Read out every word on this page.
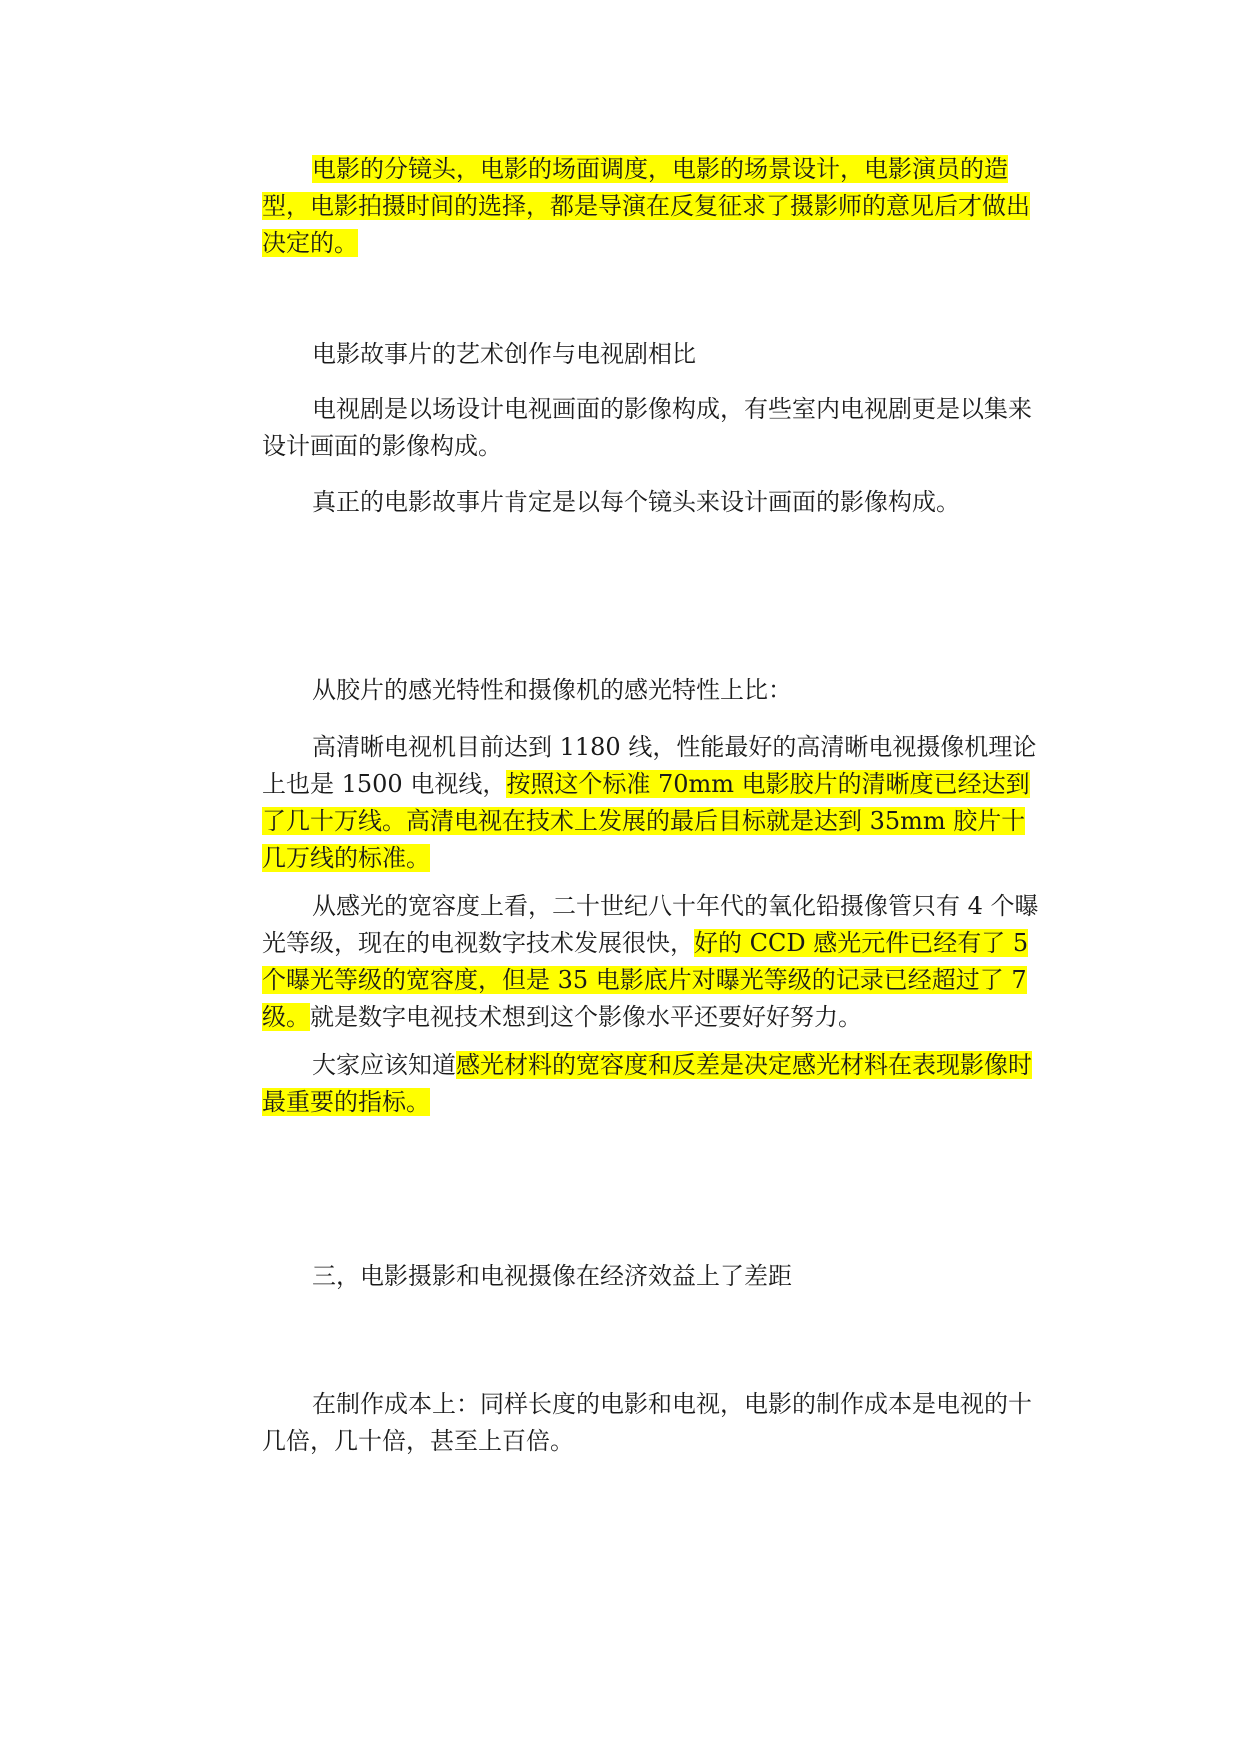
电影的分镜头，电影的场面调度，电影的场景设计，电影演员的造型，电影拍摄时间的选择，都是导演在反复征求了摄影师的意见后才做出决定的。

电影故事片的艺术创作与电视剧相比

电视剧是以场设计电视画面的影像构成，有些室内电视剧更是以集来设计画面的影像构成。

真正的电影故事片肯定是以每个镜头来设计画面的影像构成。

从胶片的感光特性和摄像机的感光特性上比：

高清晰电视机目前达到 1180 线，性能最好的高清晰电视摄像机理论上也是 1500 电视线，按照这个标准 70mm 电影胶片的清晰度已经达到了几十万线。高清电视在技术上发展的最后目标就是达到 35mm 胶片十几万线的标准。

从感光的宽容度上看，二十世纪八十年代的氧化铅摄像管只有 4 个曝光等级，现在的电视数字技术发展很快，好的 CCD 感光元件已经有了 5 个曝光等级的宽容度，但是 35 电影底片对曝光等级的记录已经超过了 7 级。就是数字电视技术想到这个影像水平还要好好努力。

大家应该知道感光材料的宽容度和反差是决定感光材料在表现影像时最重要的指标。

三，电影摄影和电视摄像在经济效益上了差距

在制作成本上：同样长度的电影和电视，电影的制作成本是电视的十几倍，几十倍，甚至上百倍。
